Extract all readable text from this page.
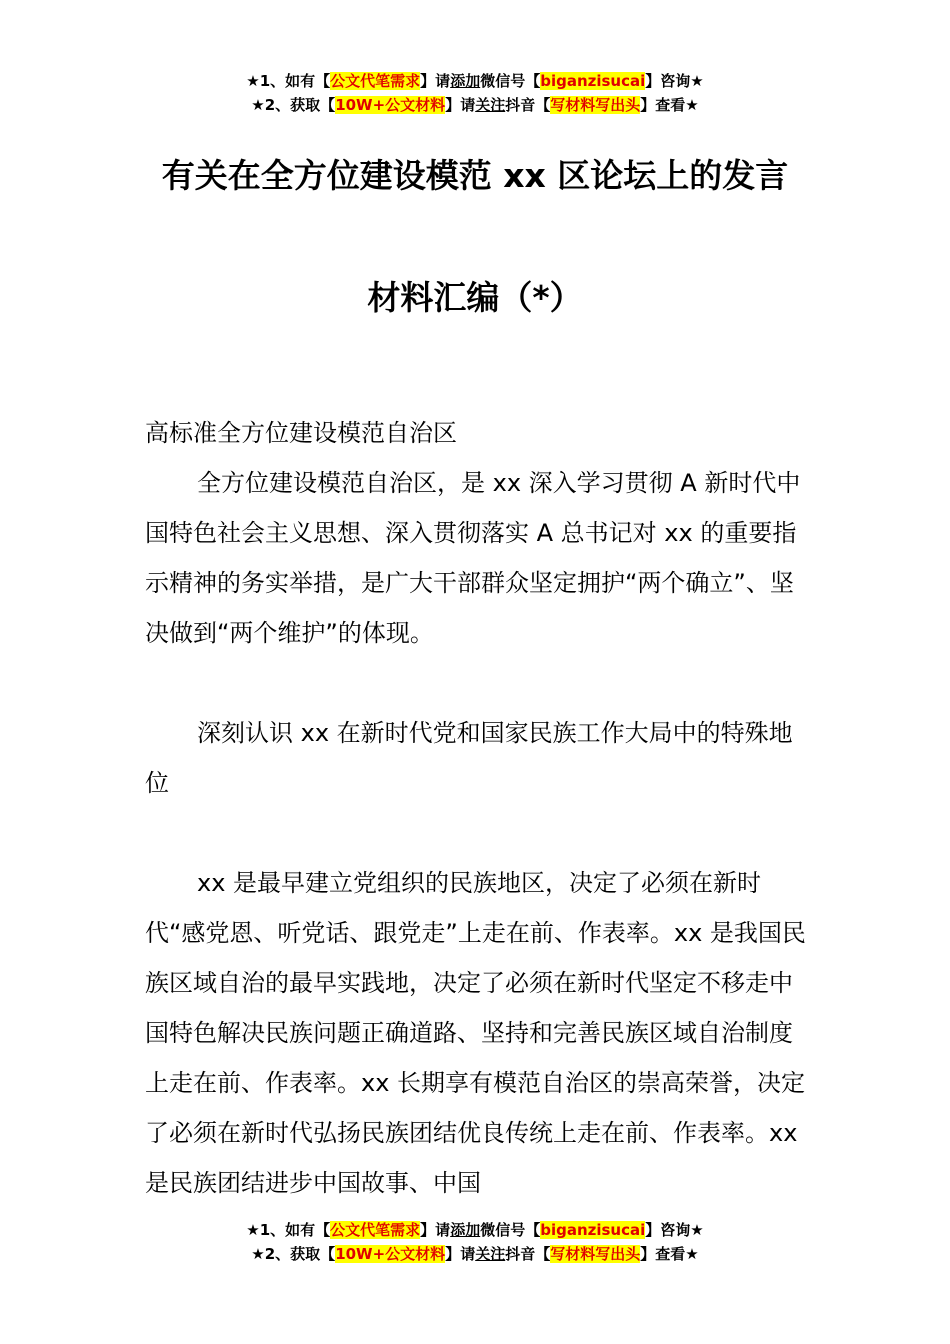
★1、如有【公文代笔需求】请添加微信号【biganzisucai】咨询★
★2、获取【10W+公文材料】请关注抖音【写材料写出头】查看★
有关在全方位建设模范 xx 区论坛上的发言
材料汇编（*）

高标准全方位建设模范自治区

全方位建设模范自治区，是 xx 深入学习贯彻 A 新时代中国特色社会主义思想、深入贯彻落实 A 总书记对 xx 的重要指示精神的务实举措，是广大干部群众坚定拥护“两个确立”、坚决做到“两个维护”的体现。

深刻认识 xx 在新时代党和国家民族工作大局中的特殊地位

xx 是最早建立党组织的民族地区，决定了必须在新时代“感党恩、听党话、跟党走”上走在前、作表率。xx 是我国民族区域自治的最早实践地，决定了必须在新时代坚定不移走中国特色解决民族问题正确道路、坚持和完善民族区域自治制度上走在前、作表率。xx 长期享有模范自治区的崇高荣誉，决定了必须在新时代弘扬民族团结优良传统上走在前、作表率。xx 是民族团结进步中国故事、中国

★1、如有【公文代笔需求】请添加微信号【biganzisucai】咨询★
★2、获取【10W+公文材料】请关注抖音【写材料写出头】查看★
